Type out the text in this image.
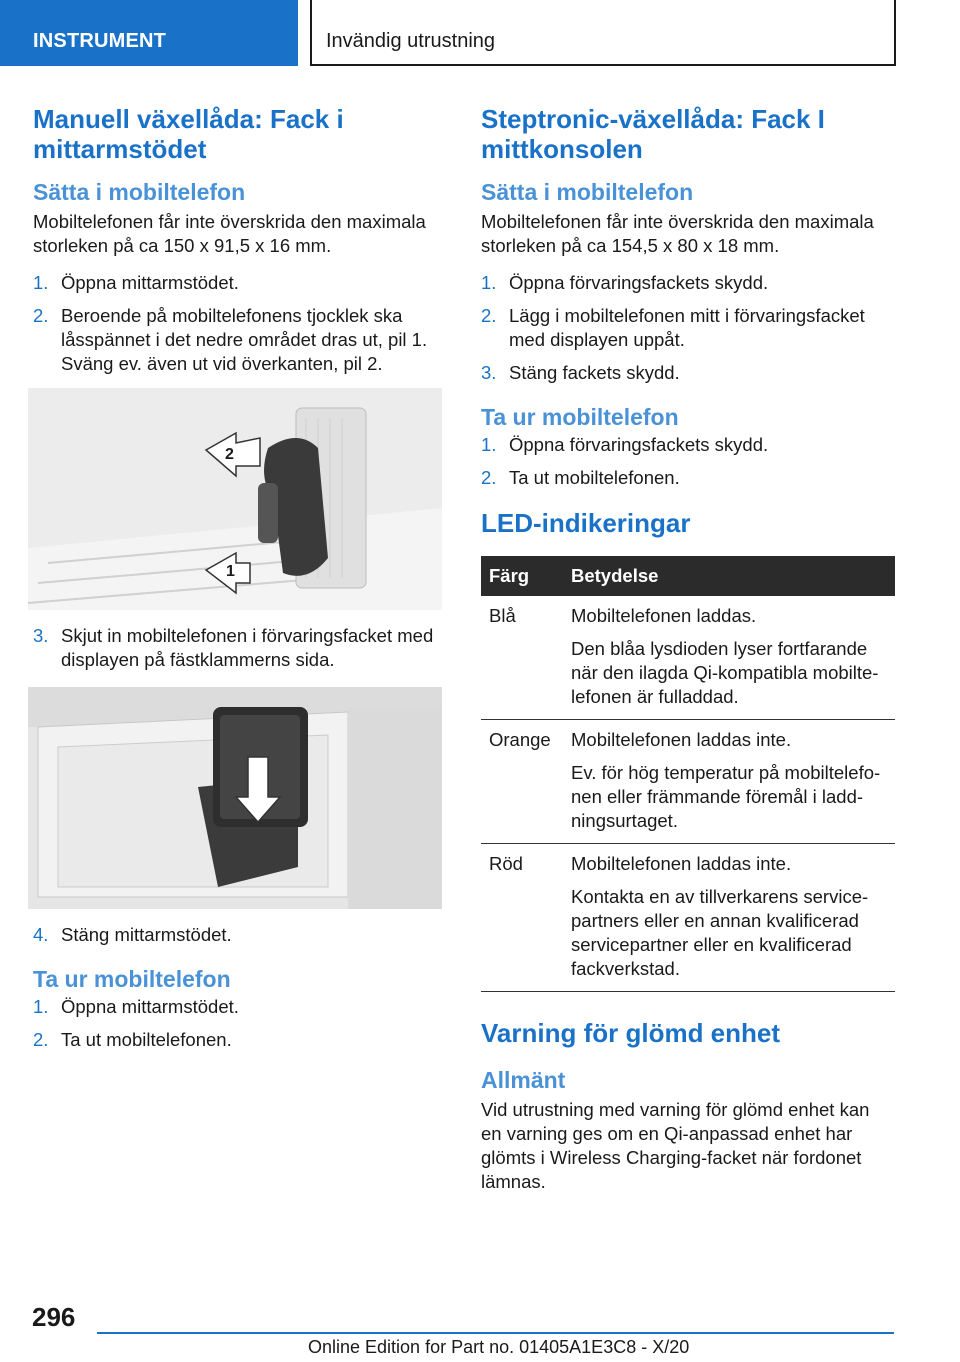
INSTRUMENT	Invändig utrustning
Manuell växellåda: Fack i mittarmstödet
Sätta i mobiltelefon

Mobiltelefonen får inte överskrida den maximala storleken på ca 150 x 91,5 x 16 mm.

1. Öppna mittarmstödet.
2. Beroende på mobiltelefonens tjocklek ska låsspännet i det nedre området dras ut, pil 1. Sväng ev. även ut vid överkanten, pil 2.
2
1
3. Skjut in mobiltelefonen i förvaringsfacket med displayen på fästklammerns sida.
4. Stäng mittarmstödet.
Ta ur mobiltelefon
1. Öppna mittarmstödet.
2. Ta ut mobiltelefonen.
Steptronic-växellåda: Fack I mittkonsolen
Sätta i mobiltelefon

Mobiltelefonen får inte överskrida den maximala storleken på ca 154,5 x 80 x 18 mm.

1. Öppna förvaringsfackets skydd.
2. Lägg i mobiltelefonen mitt i förvaringsfacket med displayen uppåt.
3. Stäng fackets skydd.
Ta ur mobiltelefon
1. Öppna förvaringsfackets skydd.
2. Ta ut mobiltelefonen.
LED-indikeringar
Färg	Betydelse
Blå	Mobiltelefonen laddas.

Den blåa lysdioden lyser fortfarande när den ilagda Qi-kompatibla mobilte-lefonen är fulladdad.

Orange	Mobiltelefonen laddas inte.

Ev. för hög temperatur på mobiltelefo-nen eller främmande föremål i ladd-ningsurtaget.

Röd	Mobiltelefonen laddas inte.

Kontakta en av tillverkarens service-partners eller en annan kvalificerad servicepartner eller en kvalificerad fackverkstad.

Varning för glömd enhet
Allmänt

Vid utrustning med varning för glömd enhet kan en varning ges om en Qi-anpassad enhet har glömts i Wireless Charging-facket när fordonet lämnas.

296
Online Edition for Part no. 01405A1E3C8 - X/20
